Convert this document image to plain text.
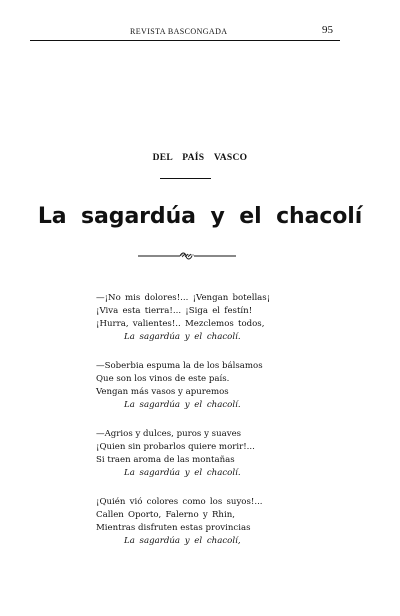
REVISTA BASCONGADA	95
DEL PAÍS VASCO
La sagardúa y el chacolí
—¡No mis dolores!... ¡Vengan botellas¡
¡Viva esta tierra!... ¡Siga el festín!
¡Hurra, valientes!.. Mezclemos todos,
La sagardúa y el chacolí.
—Soberbia espuma la de los bálsamos
Que son los vinos de este país.
Vengan más vasos y apuremos
La sagardúa y el chacolí.
—Agrios y dulces, puros y suaves
¡Quien sin probarlos quiere morir!...
Si traen aroma de las montañas
La sagardúa y el chacolí.
¡Quién vió colores como los suyos!...
Callen Oporto, Falerno y Rhin,
Mientras disfruten estas provincias
La sagardúa y el chacolí,
